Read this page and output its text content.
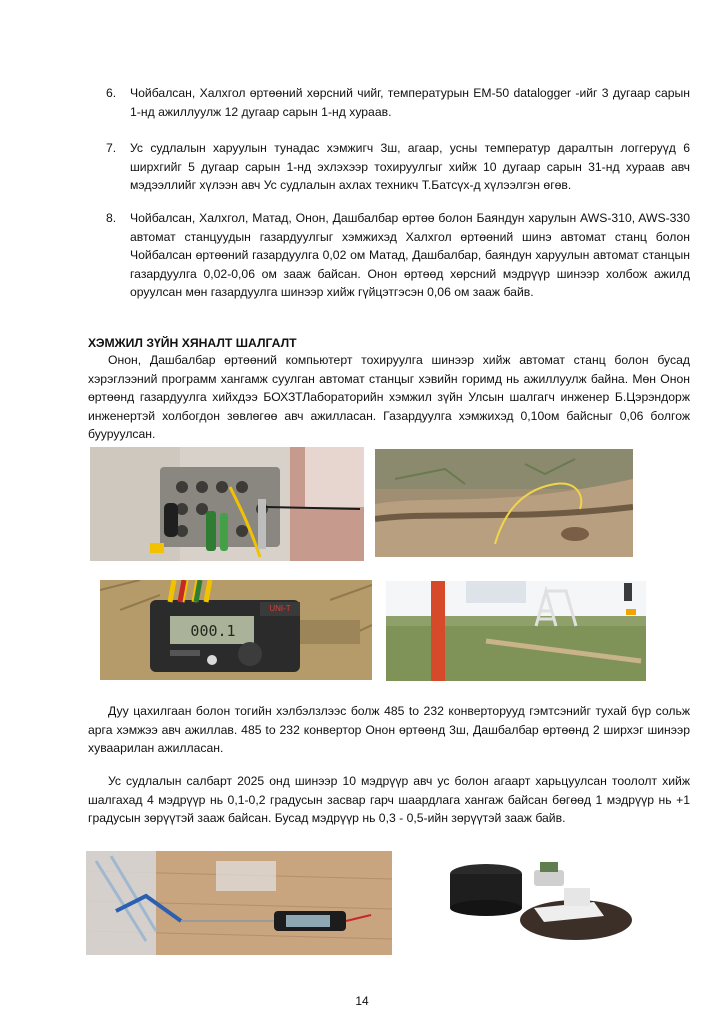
6. Чойбалсан, Халхгол өртөөний хөрсний чийг, температурын EM-50 datalogger -ийг 3 дугаар сарын 1-нд ажиллуулж 12 дугаар сарын 1-нд хураав.
7. Ус судлалын харуулын тунадас хэмжигч 3ш, агаар, усны температур даралтын логгеруүд 6 ширхгийг 5 дугаар сарын 1-нд эхлэхээр тохируулгыг хийж 10 дугаар сарын 31-нд хураав авч мэдээллийг хүлээн авч Ус судлалын ахлах техникч Т.Батсүх-д хүлээлгэн өгөв.
8. Чойбалсан, Халхгол, Матад, Онон, Дашбалбар өртөө болон Баяндун харулын AWS-310, AWS-330 автомат станцуудын газардуулгыг хэмжихэд Халхгол өртөөний шинэ автомат станц болон Чойбалсан өртөөний газардуулга 0,02 ом Матад, Дашбалбар, баяндун харуулын автомат станцын газардуулга 0,02-0,06 ом зааж байсан. Онон өртөөд хөрсний мэдрүүр шинээр холбож ажилд оруулсан мөн газардуулга шинээр хийж гүйцэтгэсэн 0,06 ом зааж байв.
ХЭМЖИЛ ЗҮЙН ХЯНАЛТ ШАЛГАЛТ

Онон, Дашбалбар өртөөний компьютерт тохируулга шинээр хийж автомат станц болон бусад хэрэглээний программ хангамж суулган автомат станцыг хэвийн горимд нь ажиллуулж байна. Мөн Онон өртөөнд газардуулга хийхдээ БОХЗТЛабораторийн хэмжил зүйн Улсын шалгагч инженер Б.Цэрэндорж инженертэй холбогдон зөвлөгөө авч ажилласан. Газардуулга хэмжихэд 0,10ом байсныг 0,06 болгож бууруулсан.

000.1
UNI-T

Дуу цахилгаан болон тогийн хэлбэлзлээс болж 485 to 232 конверторууд гэмтсэнийг тухай бүр сольж арга хэмжээ авч ажиллав. 485 to 232 конвертор Онон өртөөнд 3ш, Дашбалбар өртөөнд 2 ширхэг шинээр хуваарилан ажилласан.

Ус судлалын салбарт 2025 онд шинээр 10 мэдрүүр авч ус болон агаарт харьцуулсан тоололт хийж шалгахад 4 мэдрүүр нь 0,1-0,2 градусын засвар гарч шаардлага хангаж байсан бөгөөд 1 мэдрүүр нь +1 градусын зөрүүтэй зааж байсан. Бусад мэдрүүр нь 0,3 - 0,5-ийн зөрүүтэй зааж байв.

14
